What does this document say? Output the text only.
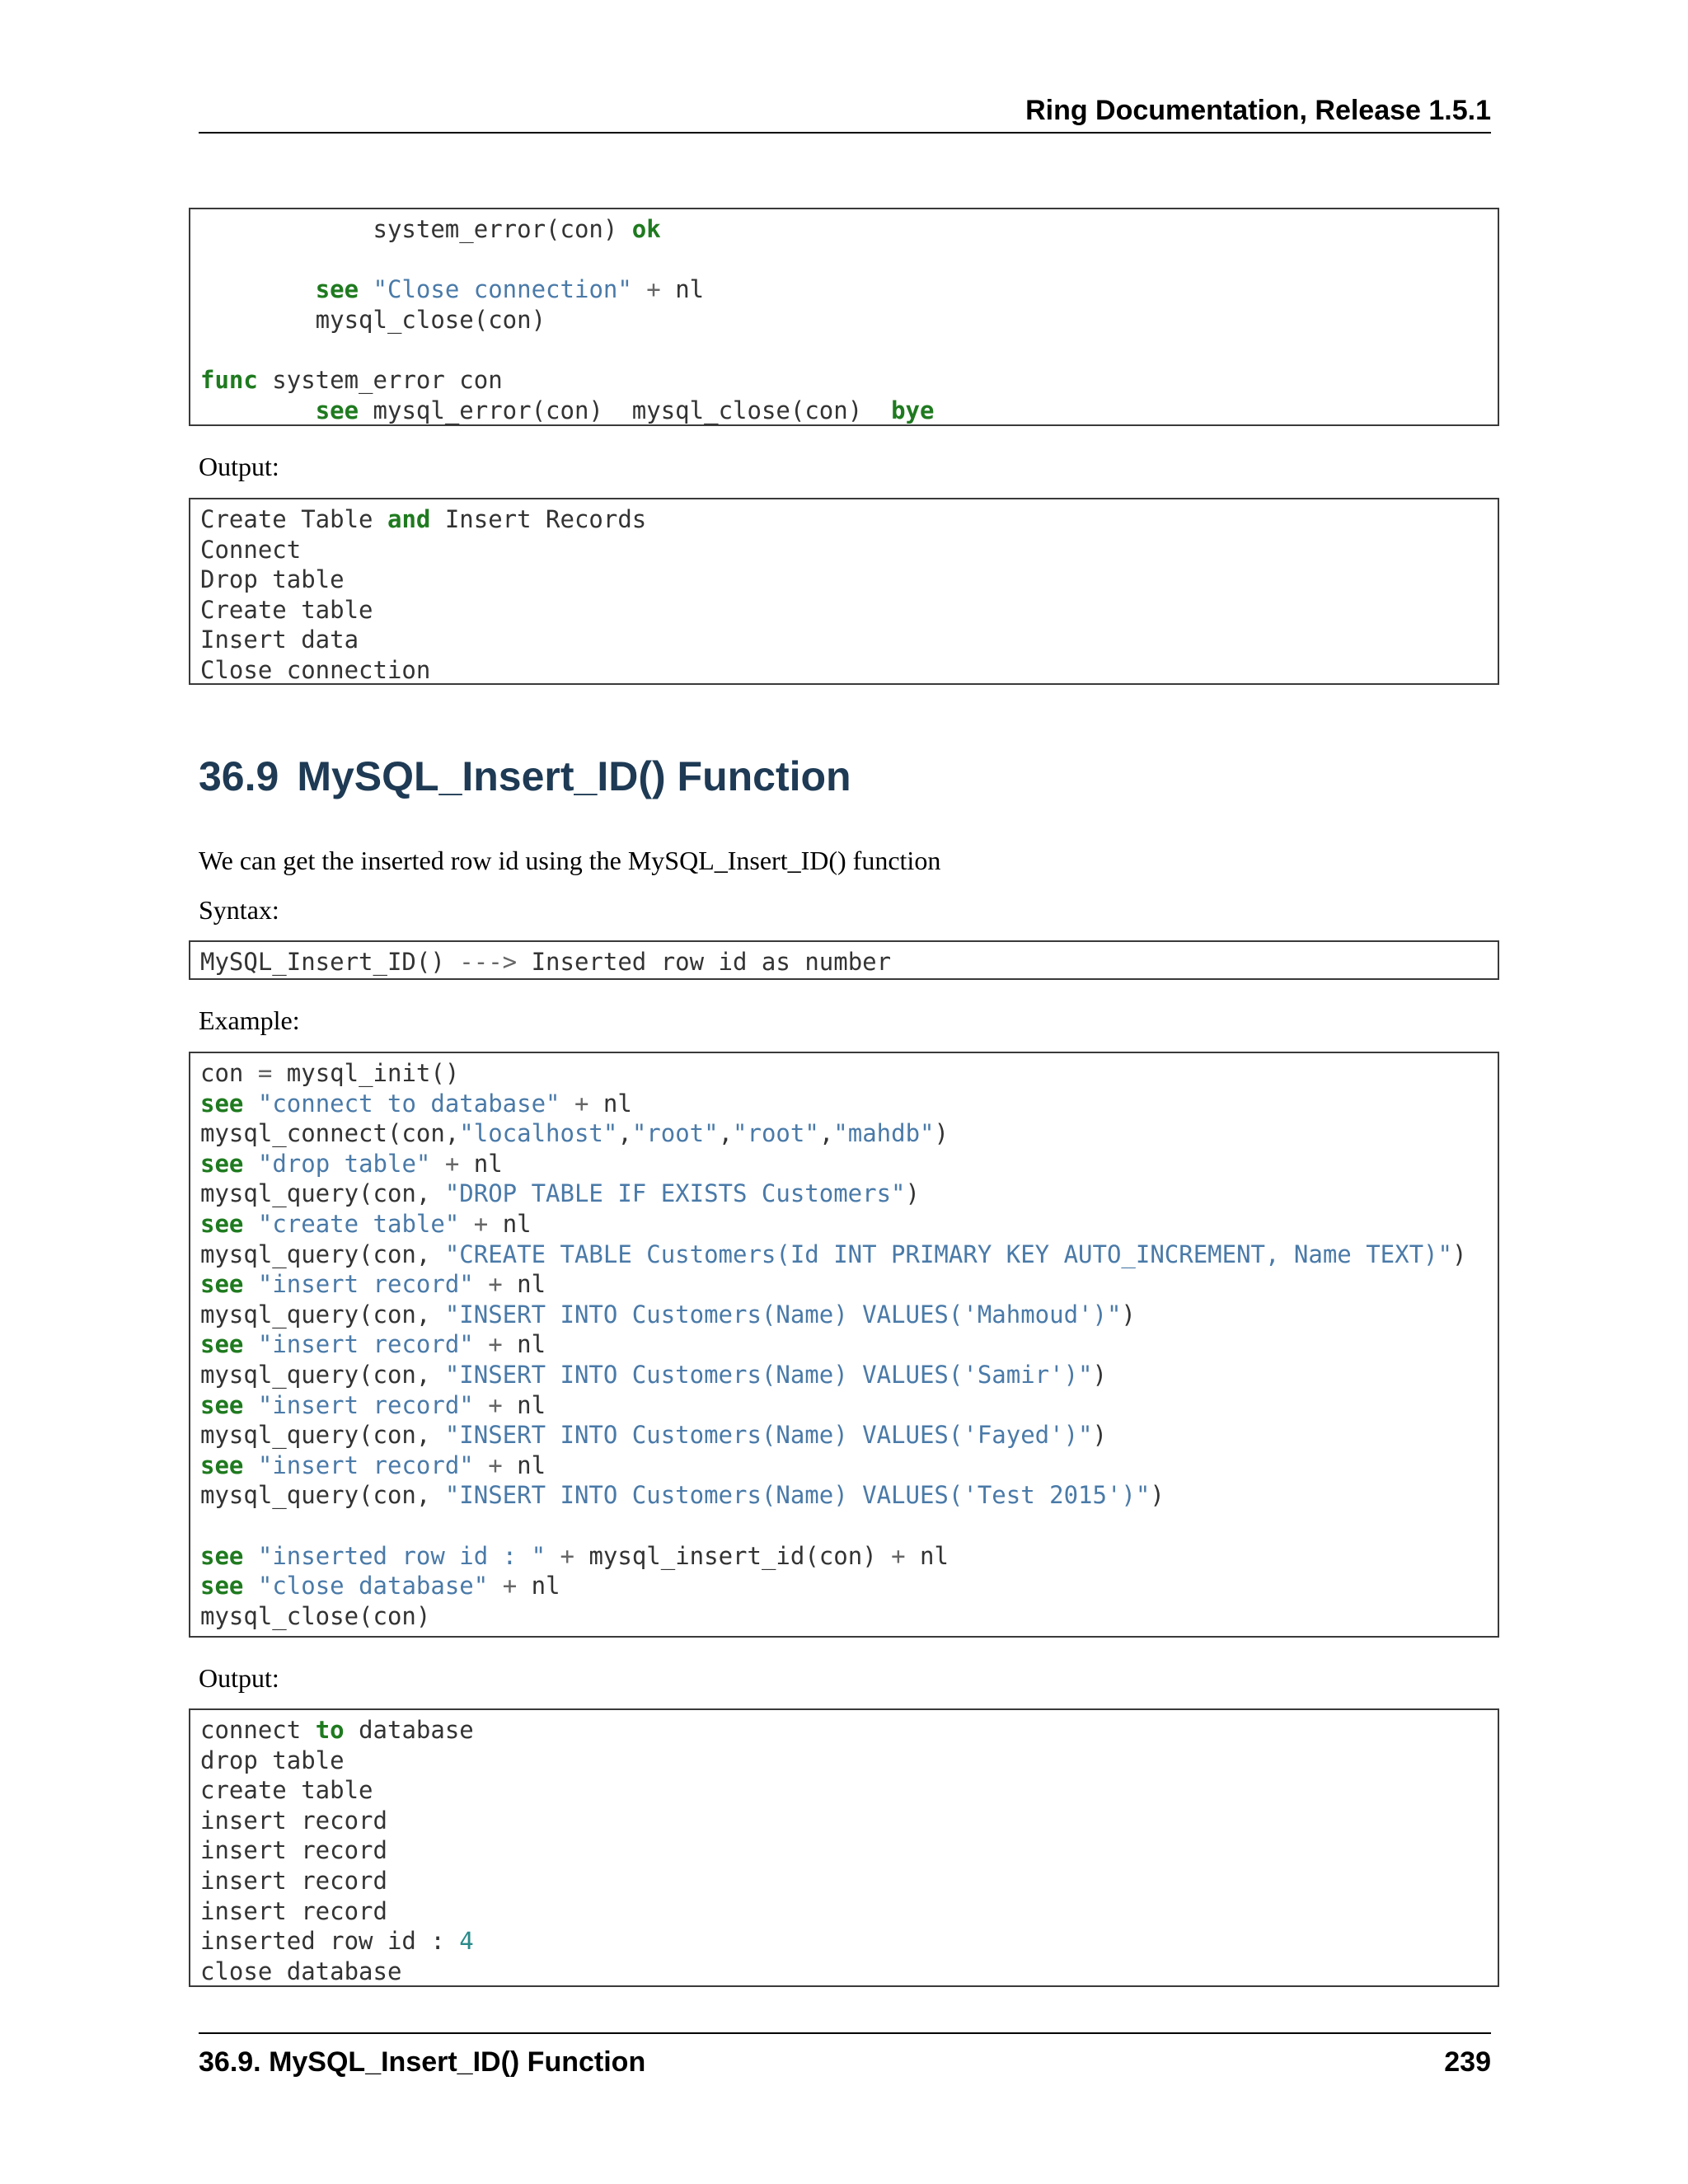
Ring Documentation, Release 1.5.1
system_error(con) ok
see "Close connection" + nl
mysql_close(con)
func system_error con
see mysql_error(con)  mysql_close(con)  bye
Output:
Create Table and Insert Records
Connect
Drop table
Create table
Insert data
Close connection
36.9 MySQL_Insert_ID() Function
We can get the inserted row id using the MySQL_Insert_ID() function
Syntax:
MySQL_Insert_ID() ---> Inserted row id as number
Example:
con = mysql_init()
see "connect to database" + nl
mysql_connect(con,"localhost","root","root","mahdb")
see "drop table" + nl
mysql_query(con, "DROP TABLE IF EXISTS Customers")
see "create table" + nl
mysql_query(con, "CREATE TABLE Customers(Id INT PRIMARY KEY AUTO_INCREMENT, Name TEXT)")
see "insert record" + nl
mysql_query(con, "INSERT INTO Customers(Name) VALUES('Mahmoud')")
see "insert record" + nl
mysql_query(con, "INSERT INTO Customers(Name) VALUES('Samir')")
see "insert record" + nl
mysql_query(con, "INSERT INTO Customers(Name) VALUES('Fayed')")
see "insert record" + nl
mysql_query(con, "INSERT INTO Customers(Name) VALUES('Test 2015')")
see "inserted row id : " + mysql_insert_id(con) + nl
see "close database" + nl
mysql_close(con)
Output:
connect to database
drop table
create table
insert record
insert record
insert record
insert record
inserted row id : 4
close database
36.9. MySQL_Insert_ID() Function	239
